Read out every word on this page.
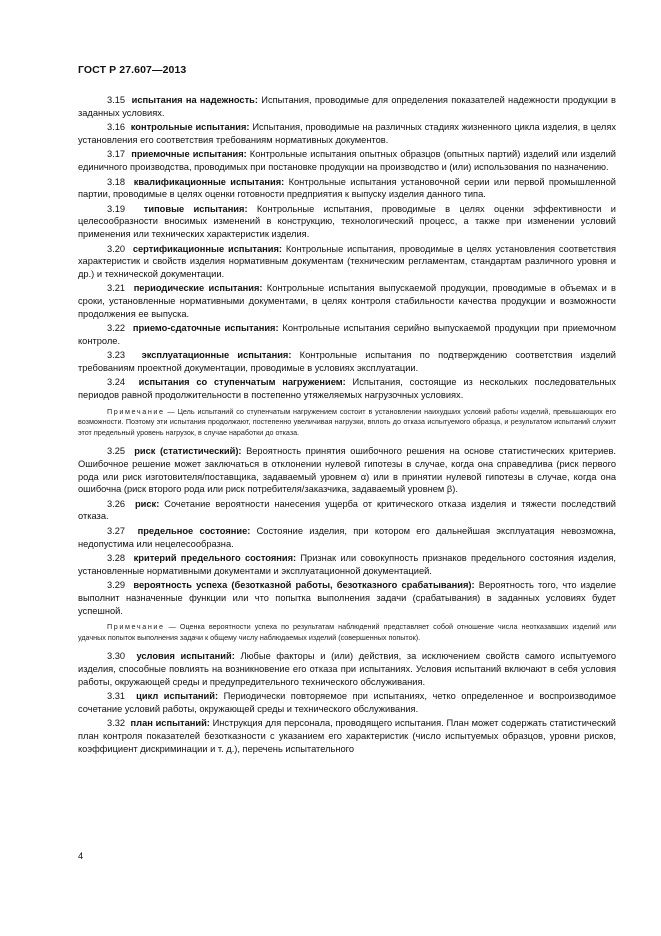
ГОСТ Р 27.607—2013

3.15 испытания на надежность: Испытания, проводимые для определения показателей надежности продукции в заданных условиях.

3.16 контрольные испытания: Испытания, проводимые на различных стадиях жизненного цикла изделия, в целях установления его соответствия требованиям нормативных документов.

3.17 приемочные испытания: Контрольные испытания опытных образцов (опытных партий) изделий или изделий единичного производства, проводимых при постановке продукции на производство и (или) использования по назначению.

3.18 квалификационные испытания: Контрольные испытания установочной серии или первой промышленной партии, проводимые в целях оценки готовности предприятия к выпуску изделия данного типа.

3.19 типовые испытания: Контрольные испытания, проводимые в целях оценки эффективности и целесообразности вносимых изменений в конструкцию, технологический процесс, а также при изменении условий применения или технических характеристик изделия.

3.20 сертификационные испытания: Контрольные испытания, проводимые в целях установления соответствия характеристик и свойств изделия нормативным документам (техническим регламентам, стандартам различного уровня и др.) и технической документации.

3.21 периодические испытания: Контрольные испытания выпускаемой продукции, проводимые в объемах и в сроки, установленные нормативными документами, в целях контроля стабильности качества продукции и возможности продолжения ее выпуска.

3.22 приемо-сдаточные испытания: Контрольные испытания серийно выпускаемой продукции при приемочном контроле.

3.23 эксплуатационные испытания: Контрольные испытания по подтверждению соответствия изделий требованиям проектной документации, проводимые в условиях эксплуатации.

3.24 испытания со ступенчатым нагружением: Испытания, состоящие из нескольких последовательных периодов равной продолжительности в постепенно утяжеляемых нагрузочных условиях.

Примечание — Цель испытаний со ступенчатым нагружением состоит в установлении наихудших условий работы изделий, превышающих его возможности. Поэтому эти испытания продолжают, постепенно увеличивая нагрузки, вплоть до отказа испытуемого образца, и результатом испытаний служит этот предельный уровень нагрузок, в случае наработки до отказа.

3.25 риск (статистический): Вероятность принятия ошибочного решения на основе статистических критериев. Ошибочное решение может заключаться в отклонении нулевой гипотезы в случае, когда она справедлива (риск первого рода или риск изготовителя/поставщика, задаваемый уровнем α) или в принятии нулевой гипотезы в случае, когда она ошибочна (риск второго рода или риск потребителя/заказчика, задаваемый уровнем β).

3.26 риск: Сочетание вероятности нанесения ущерба от критического отказа изделия и тяжести последствий отказа.

3.27 предельное состояние: Состояние изделия, при котором его дальнейшая эксплуатация невозможна, недопустима или нецелесообразна.

3.28 критерий предельного состояния: Признак или совокупность признаков предельного состояния изделия, установленные нормативными документами и эксплуатационной документацией.

3.29 вероятность успеха (безотказной работы, безотказного срабатывания): Вероятность того, что изделие выполнит назначенные функции или что попытка выполнения задачи (срабатывания) в заданных условиях будет успешной.

Примечание — Оценка вероятности успеха по результатам наблюдений представляет собой отношение числа неотказавших изделий или удачных попыток выполнения задачи к общему числу наблюдаемых изделий (совершенных попыток).

3.30 условия испытаний: Любые факторы и (или) действия, за исключением свойств самого испытуемого изделия, способные повлиять на возникновение его отказа при испытаниях. Условия испытаний включают в себя условия работы, окружающей среды и предупредительного технического обслуживания.

3.31 цикл испытаний: Периодически повторяемое при испытаниях, четко определенное и воспроизводимое сочетание условий работы, окружающей среды и технического обслуживания.

3.32 план испытаний: Инструкция для персонала, проводящего испытания. План может содержать статистический план контроля показателей безотказности с указанием его характеристик (число испытуемых образцов, уровни рисков, коэффициент дискриминации и т. д.), перечень испытательного

4
